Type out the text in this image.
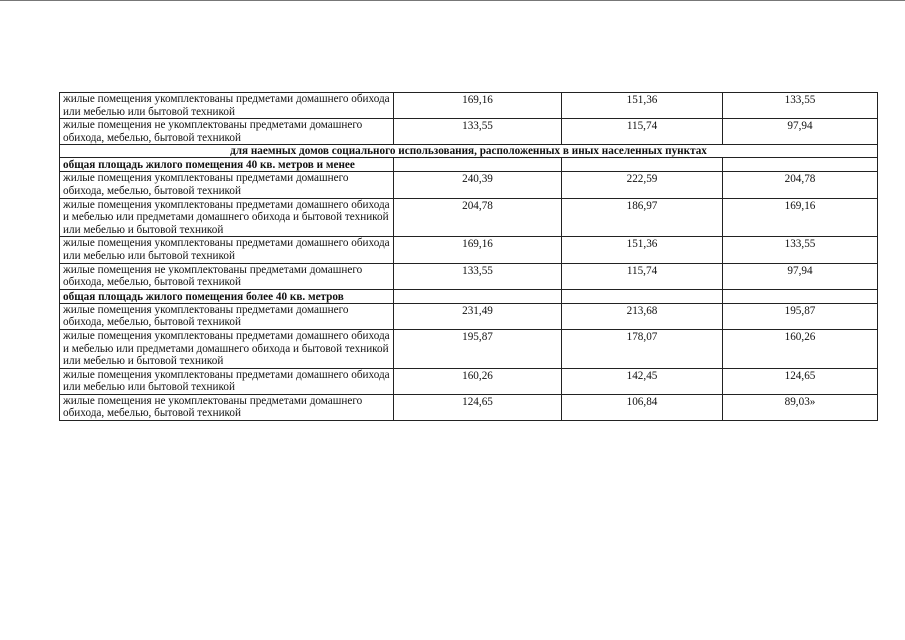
жилые помещения укомплектованы предметами домашнего обихода или мебелью или бытовой техникой	169,16	151,36	133,55
жилые помещения не укомплектованы предметами домашнего обихода, мебелью, бытовой техникой	133,55	115,74	97,94
для наемных домов социального использования, расположенных в иных населенных пунктах			
общая площадь жилого помещения 40 кв. метров и менее			
жилые помещения укомплектованы предметами домашнего обихода, мебелью, бытовой техникой	240,39	222,59	204,78
жилые помещения укомплектованы предметами домашнего обихода и мебелью или предметами домашнего обихода и бытовой техникой или мебелью и бытовой техникой	204,78	186,97	169,16
жилые помещения укомплектованы предметами домашнего обихода или мебелью или бытовой техникой	169,16	151,36	133,55
жилые помещения не укомплектованы предметами домашнего обихода, мебелью, бытовой техникой	133,55	115,74	97,94
общая площадь жилого помещения более 40 кв. метров			
жилые помещения укомплектованы предметами домашнего обихода, мебелью, бытовой техникой	231,49	213,68	195,87
жилые помещения укомплектованы предметами домашнего обихода и мебелью или предметами домашнего обихода и бытовой техникой или мебелью и бытовой техникой	195,87	178,07	160,26
жилые помещения укомплектованы предметами домашнего обихода или мебелью или бытовой техникой	160,26	142,45	124,65
жилые помещения не укомплектованы предметами домашнего обихода, мебелью, бытовой техникой	124,65	106,84	89,03»
